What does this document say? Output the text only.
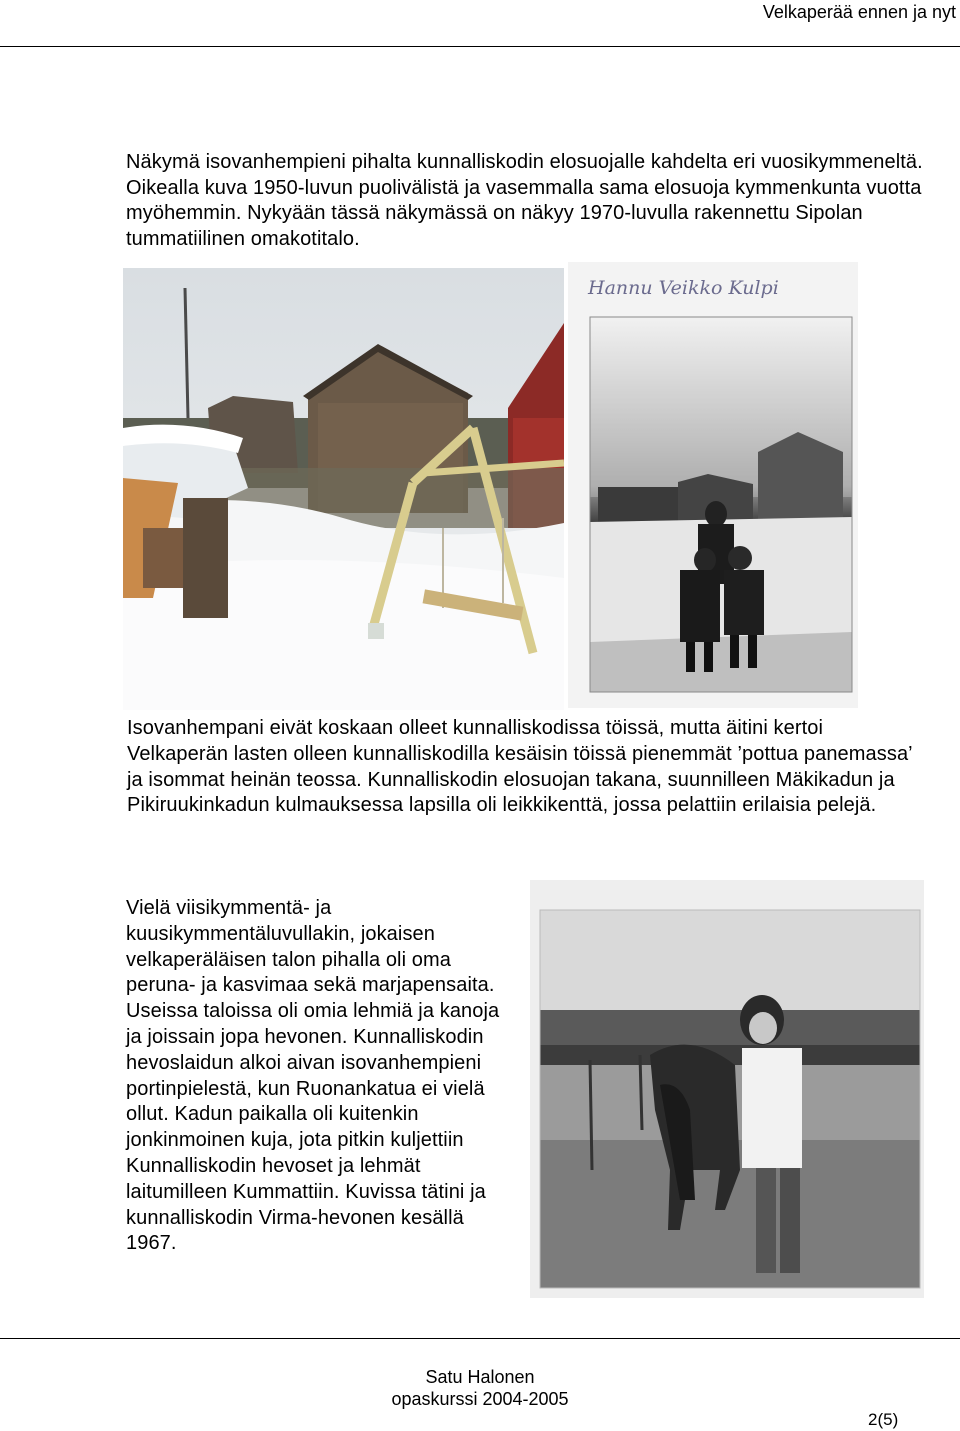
Velkaperää ennen ja nyt

Näkymä isovanhempieni pihalta kunnalliskodin elosuojalle kahdelta eri vuosikymmeneltä. Oikealla kuva 1950-luvun puolivälistä ja vasemmalla sama elosuoja kymmenkunta vuotta myöhemmin. Nykyään tässä näkymässä on näkyy 1970-luvulla rakennettu Sipolan tummatiilinen omakotitalo.

Hannu Veikko Kulpi

Isovanhempani eivät koskaan olleet kunnalliskodissa töissä, mutta äitini kertoi Velkaperän lasten olleen kunnalliskodilla kesäisin töissä pienemmät ’pottua panemassa’ ja isommat heinän teossa. Kunnalliskodin elosuojan takana, suunnilleen Mäkikadun ja Pikiruukinkadun kulmauksessa lapsilla oli leikkikenttä, jossa pelattiin erilaisia pelejä.

Vielä viisikymmentä- ja kuusikymmentäluvullakin, jokaisen velkaperäläisen talon pihalla oli oma peruna- ja kasvimaa sekä marjapensaita. Useissa taloissa oli omia lehmiä ja kanoja ja joissain jopa hevonen. Kunnalliskodin hevoslaidun alkoi aivan isovanhempieni portinpielestä, kun Ruonankatua ei vielä ollut. Kadun paikalla oli kuitenkin jonkinmoinen kuja, jota pitkin kuljettiin Kunnalliskodin hevoset ja lehmät laitumilleen Kummattiin. Kuvissa tätini ja kunnalliskodin Virma-hevonen kesällä 1967.

Satu Halonen
opaskurssi 2004-2005
2(5)
